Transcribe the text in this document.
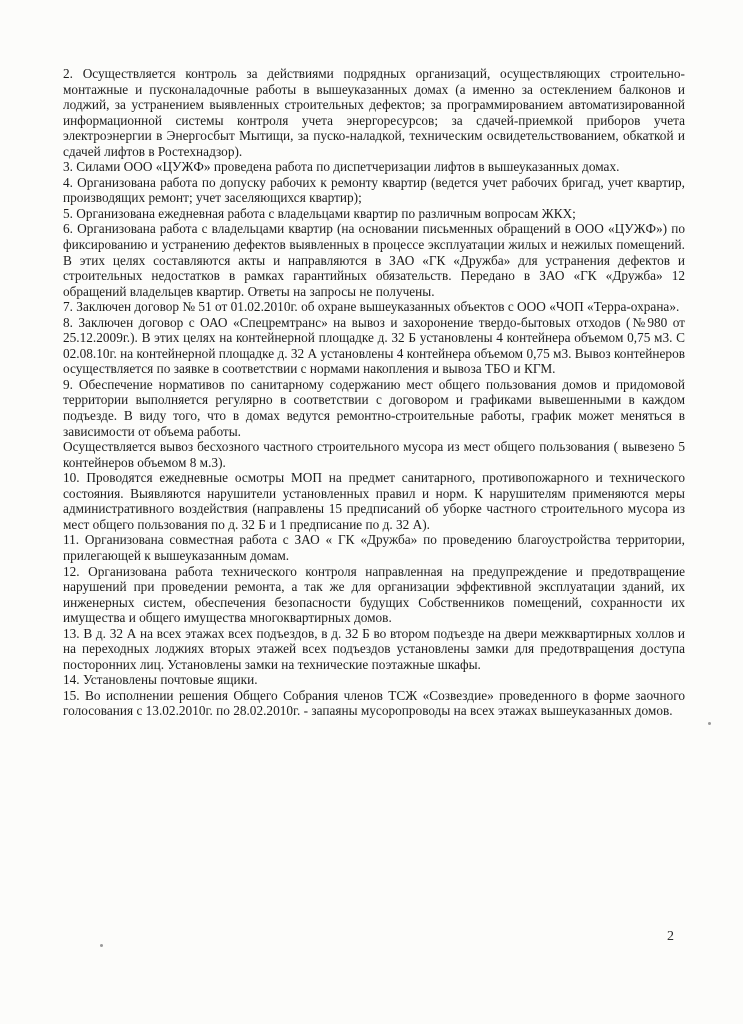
2. Осуществляется контроль за действиями подрядных организаций, осуществляющих строительно-монтажные и пусконаладочные работы в вышеуказанных домах (а именно за остеклением балконов и лоджий, за устранением выявленных строительных дефектов; за программированием автоматизированной информационной системы контроля учета энергоресурсов; за сдачей-приемкой приборов учета электроэнергии в Энергосбыт Мытищи, за пуско-наладкой, техническим освидетельствованием, обкаткой и сдачей лифтов в Ростехнадзор).

3. Силами ООО «ЦУЖФ» проведена работа по диспетчеризации лифтов в вышеуказанных домах.

4. Организована работа по допуску рабочих к ремонту квартир (ведется учет рабочих бригад, учет квартир, производящих ремонт; учет заселяющихся квартир);

5. Организована ежедневная работа с владельцами квартир по различным вопросам ЖКХ;

6. Организована работа с владельцами квартир (на основании письменных обращений в ООО «ЦУЖФ») по фиксированию и устранению дефектов выявленных в процессе эксплуатации жилых и нежилых помещений. В этих целях составляются акты и направляются в ЗАО «ГК «Дружба» для устранения дефектов и строительных недостатков в рамках гарантийных обязательств. Передано в ЗАО «ГК «Дружба» 12 обращений владельцев квартир. Ответы на запросы не получены.

7. Заключен договор № 51 от 01.02.2010г. об охране вышеуказанных объектов с ООО «ЧОП «Терра-охрана».

8. Заключен договор с ОАО «Спецремтранс» на вывоз и захоронение твердо-бытовых отходов (№980 от 25.12.2009г.). В этих целях на контейнерной площадке д. 32 Б установлены 4 контейнера объемом 0,75 м3. С 02.08.10г. на контейнерной площадке д. 32 А установлены 4 контейнера объемом 0,75 м3. Вывоз контейнеров осуществляется по заявке в соответствии с нормами накопления и вывоза ТБО и КГМ.

9. Обеспечение нормативов по санитарному содержанию мест общего пользования домов и придомовой территории выполняется регулярно в соответствии с договором и графиками вывешенными в каждом подъезде. В виду того, что в домах ведутся ремонтно-строительные работы, график может меняться в зависимости от объема работы.

Осуществляется вывоз бесхозного частного строительного мусора из мест общего пользования ( вывезено 5 контейнеров объемом 8 м.3).

10. Проводятся ежедневные осмотры МОП на предмет санитарного, противопожарного и технического состояния. Выявляются нарушители установленных правил и норм. К нарушителям применяются меры административного воздействия (направлены 15 предписаний об уборке частного строительного мусора из мест общего пользования по д. 32 Б и 1 предписание по д. 32 А).

11. Организована совместная работа с ЗАО « ГК «Дружба» по проведению благоустройства территории, прилегающей к вышеуказанным домам.

12. Организована работа технического контроля направленная на предупреждение и предотвращение нарушений при проведении ремонта, а так же для организации эффективной эксплуатации зданий, их инженерных систем, обеспечения безопасности будущих Собственников помещений, сохранности их имущества и общего имущества многоквартирных домов.

13. В д. 32 А на всех этажах всех подъездов, в д. 32 Б во втором подъезде на двери межквартирных холлов и на переходных лоджиях вторых этажей всех подъездов установлены замки для предотвращения доступа посторонних лиц. Установлены замки на технические поэтажные шкафы.

14. Установлены почтовые ящики.

15. Во исполнении решения Общего Собрания членов ТСЖ «Созвездие» проведенного в форме заочного голосования с 13.02.2010г. по 28.02.2010г. - запаяны мусоропроводы на всех этажах вышеуказанных домов.

2
